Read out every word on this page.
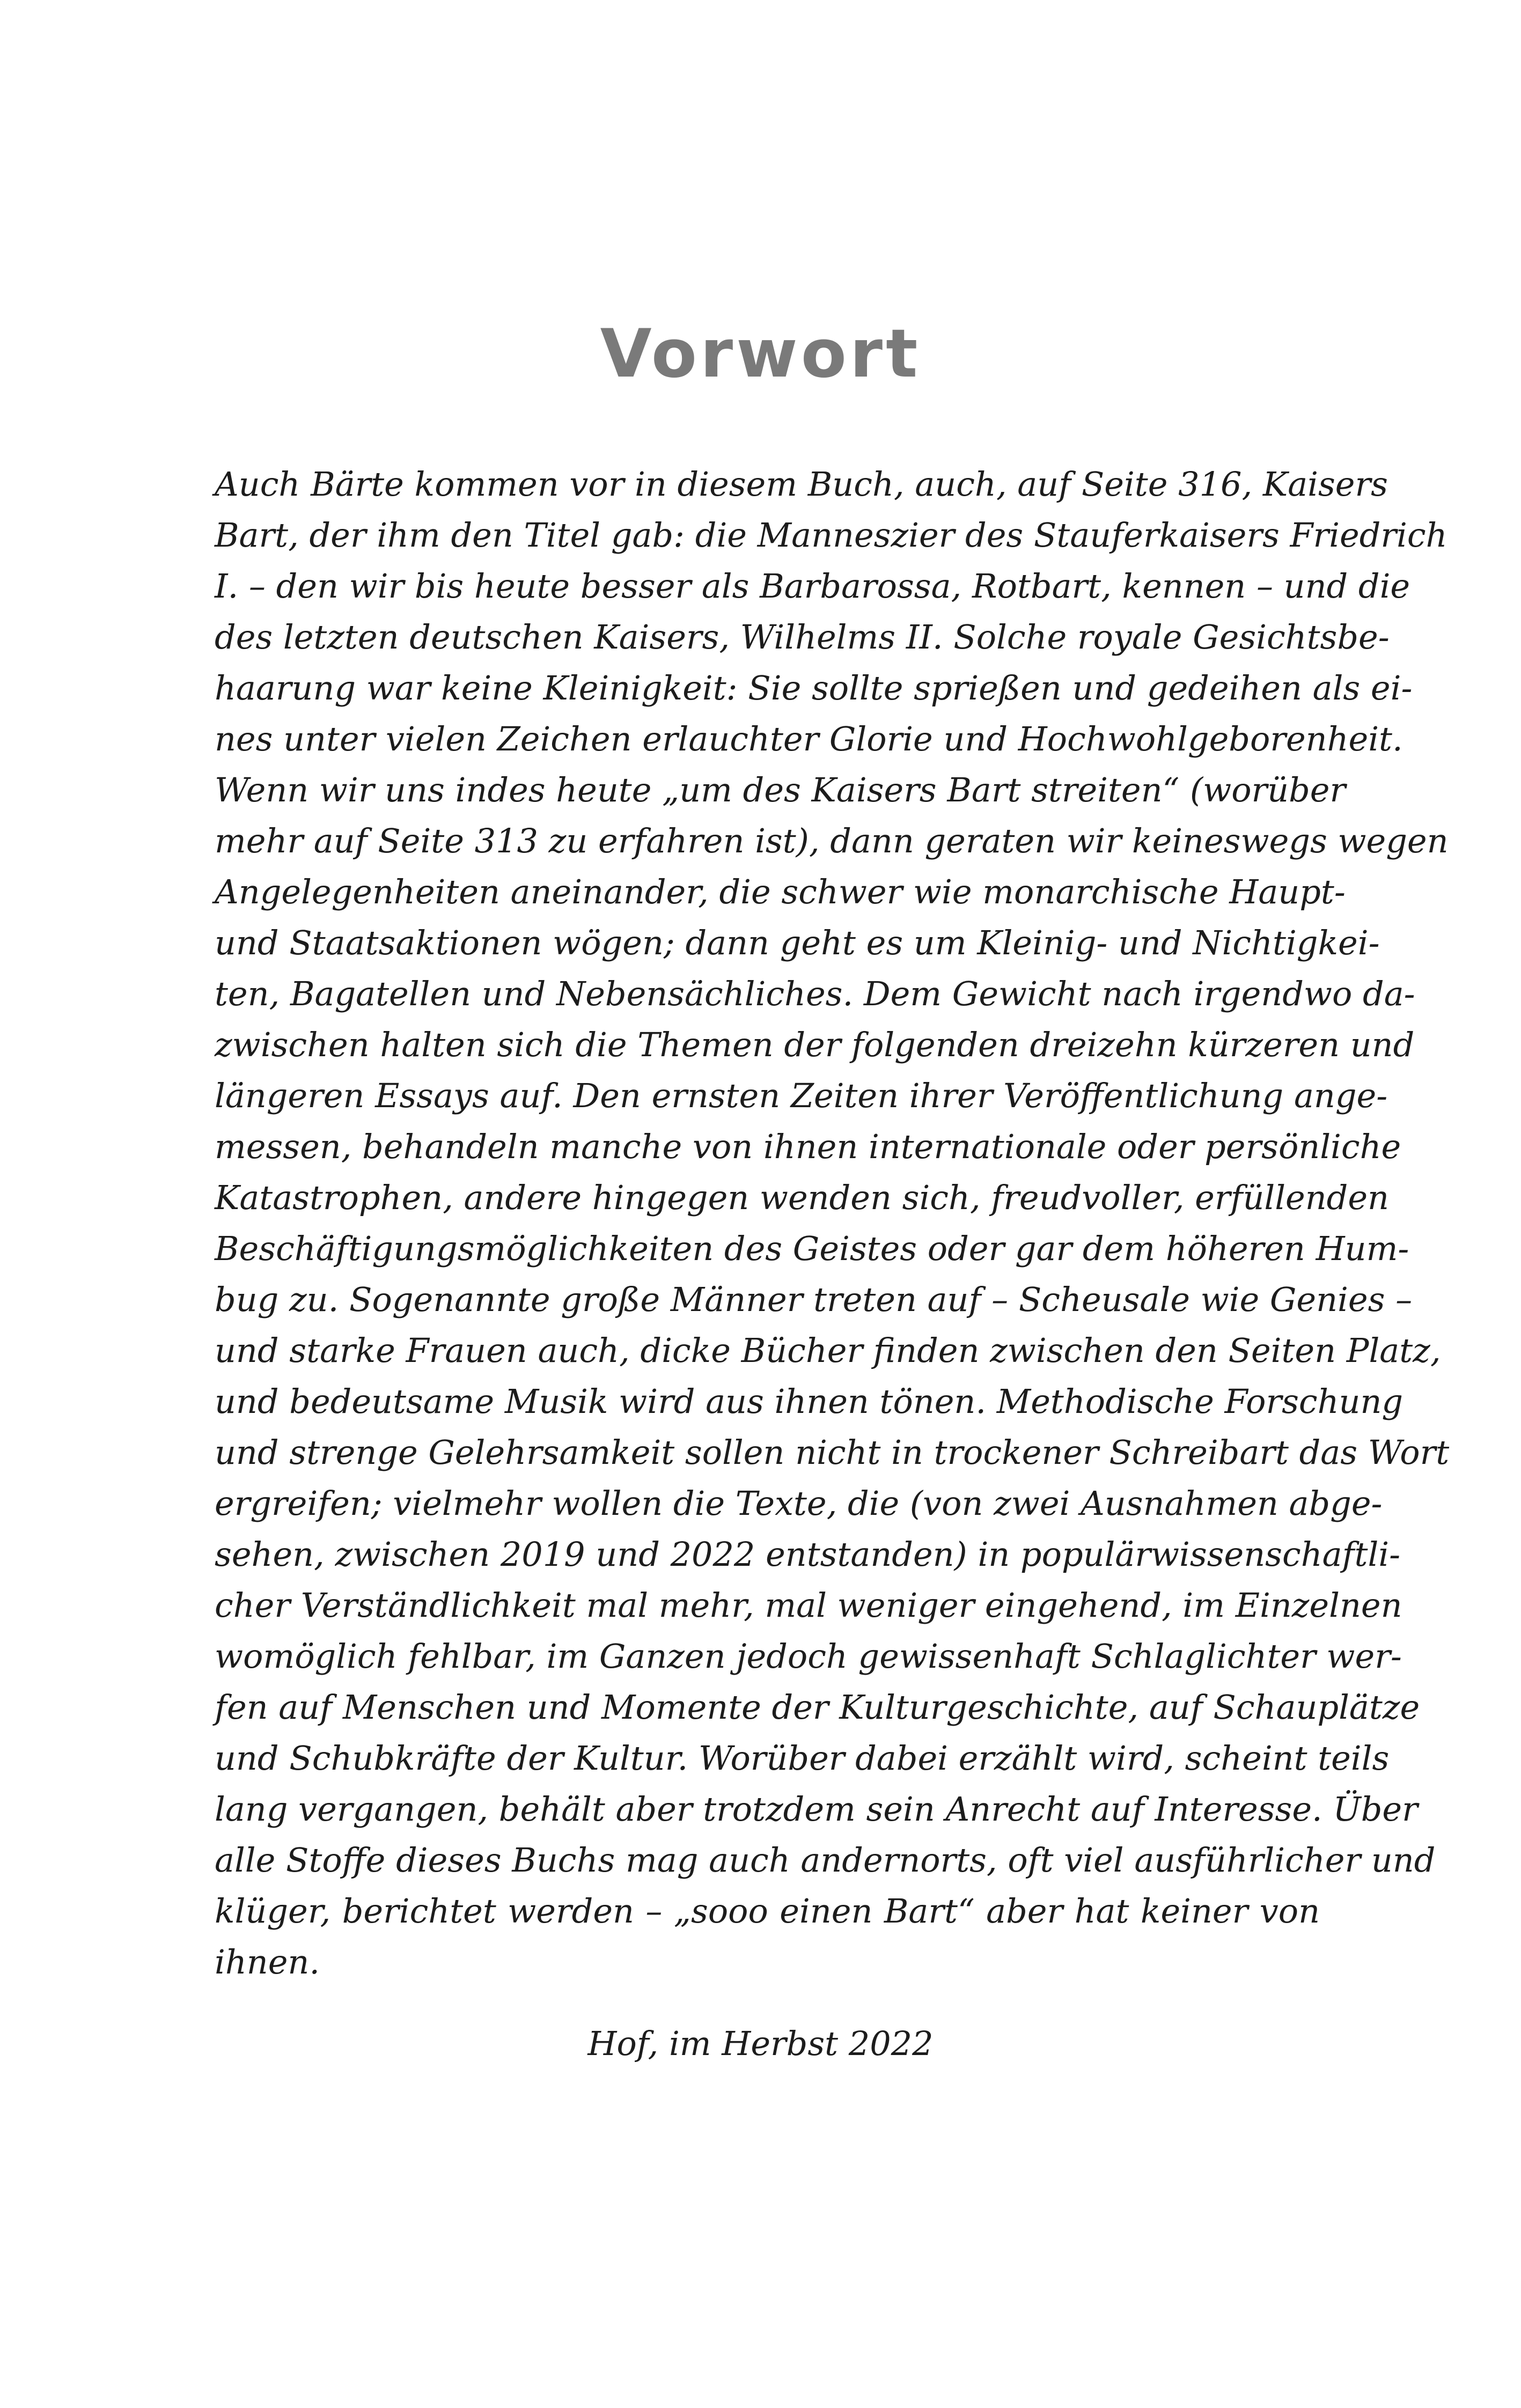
Vorwort
Auch Bärte kommen vor in diesem Buch, auch, auf Seite 316, Kaisers
Bart, der ihm den Titel gab: die Manneszier des Stauferkaisers Friedrich
I. – den wir bis heute besser als Barbarossa, Rotbart, kennen – und die
des letzten deutschen Kaisers, Wilhelms II. Solche royale Gesichtsbe-
haarung war keine Kleinigkeit: Sie sollte sprießen und gedeihen als ei-
nes unter vielen Zeichen erlauchter Glorie und Hochwohlgeborenheit.
Wenn wir uns indes heute „um des Kaisers Bart streiten“ (worüber
mehr auf Seite 313 zu erfahren ist), dann geraten wir keineswegs wegen
Angelegenheiten aneinander, die schwer wie monarchische Haupt-
und Staatsaktionen wögen; dann geht es um Kleinig- und Nichtigkei-
ten, Bagatellen und Nebensächliches. Dem Gewicht nach irgendwo da-
zwischen halten sich die Themen der folgenden dreizehn kürzeren und
längeren Essays auf. Den ernsten Zeiten ihrer Veröffentlichung ange-
messen, behandeln manche von ihnen internationale oder persönliche
Katastrophen, andere hingegen wenden sich, freudvoller, erfüllenden
Beschäftigungsmöglichkeiten des Geistes oder gar dem höheren Hum-
bug zu. Sogenannte große Männer treten auf – Scheusale wie Genies –
und starke Frauen auch, dicke Bücher finden zwischen den Seiten Platz,
und bedeutsame Musik wird aus ihnen tönen. Methodische Forschung
und strenge Gelehrsamkeit sollen nicht in trockener Schreibart das Wort
ergreifen; vielmehr wollen die Texte, die (von zwei Ausnahmen abge-
sehen, zwischen 2019 und 2022 entstanden) in populärwissenschaftli-
cher Verständlichkeit mal mehr, mal weniger eingehend, im Einzelnen
womöglich fehlbar, im Ganzen jedoch gewissenhaft Schlaglichter wer-
fen auf Menschen und Momente der Kulturgeschichte, auf Schauplätze
und Schubkräfte der Kultur. Worüber dabei erzählt wird, scheint teils
lang vergangen, behält aber trotzdem sein Anrecht auf Interesse. Über
alle Stoffe dieses Buchs mag auch andernorts, oft viel ausführlicher und
klüger, berichtet werden – „sooo einen Bart“ aber hat keiner von
ihnen.
Hof, im Herbst 2022
